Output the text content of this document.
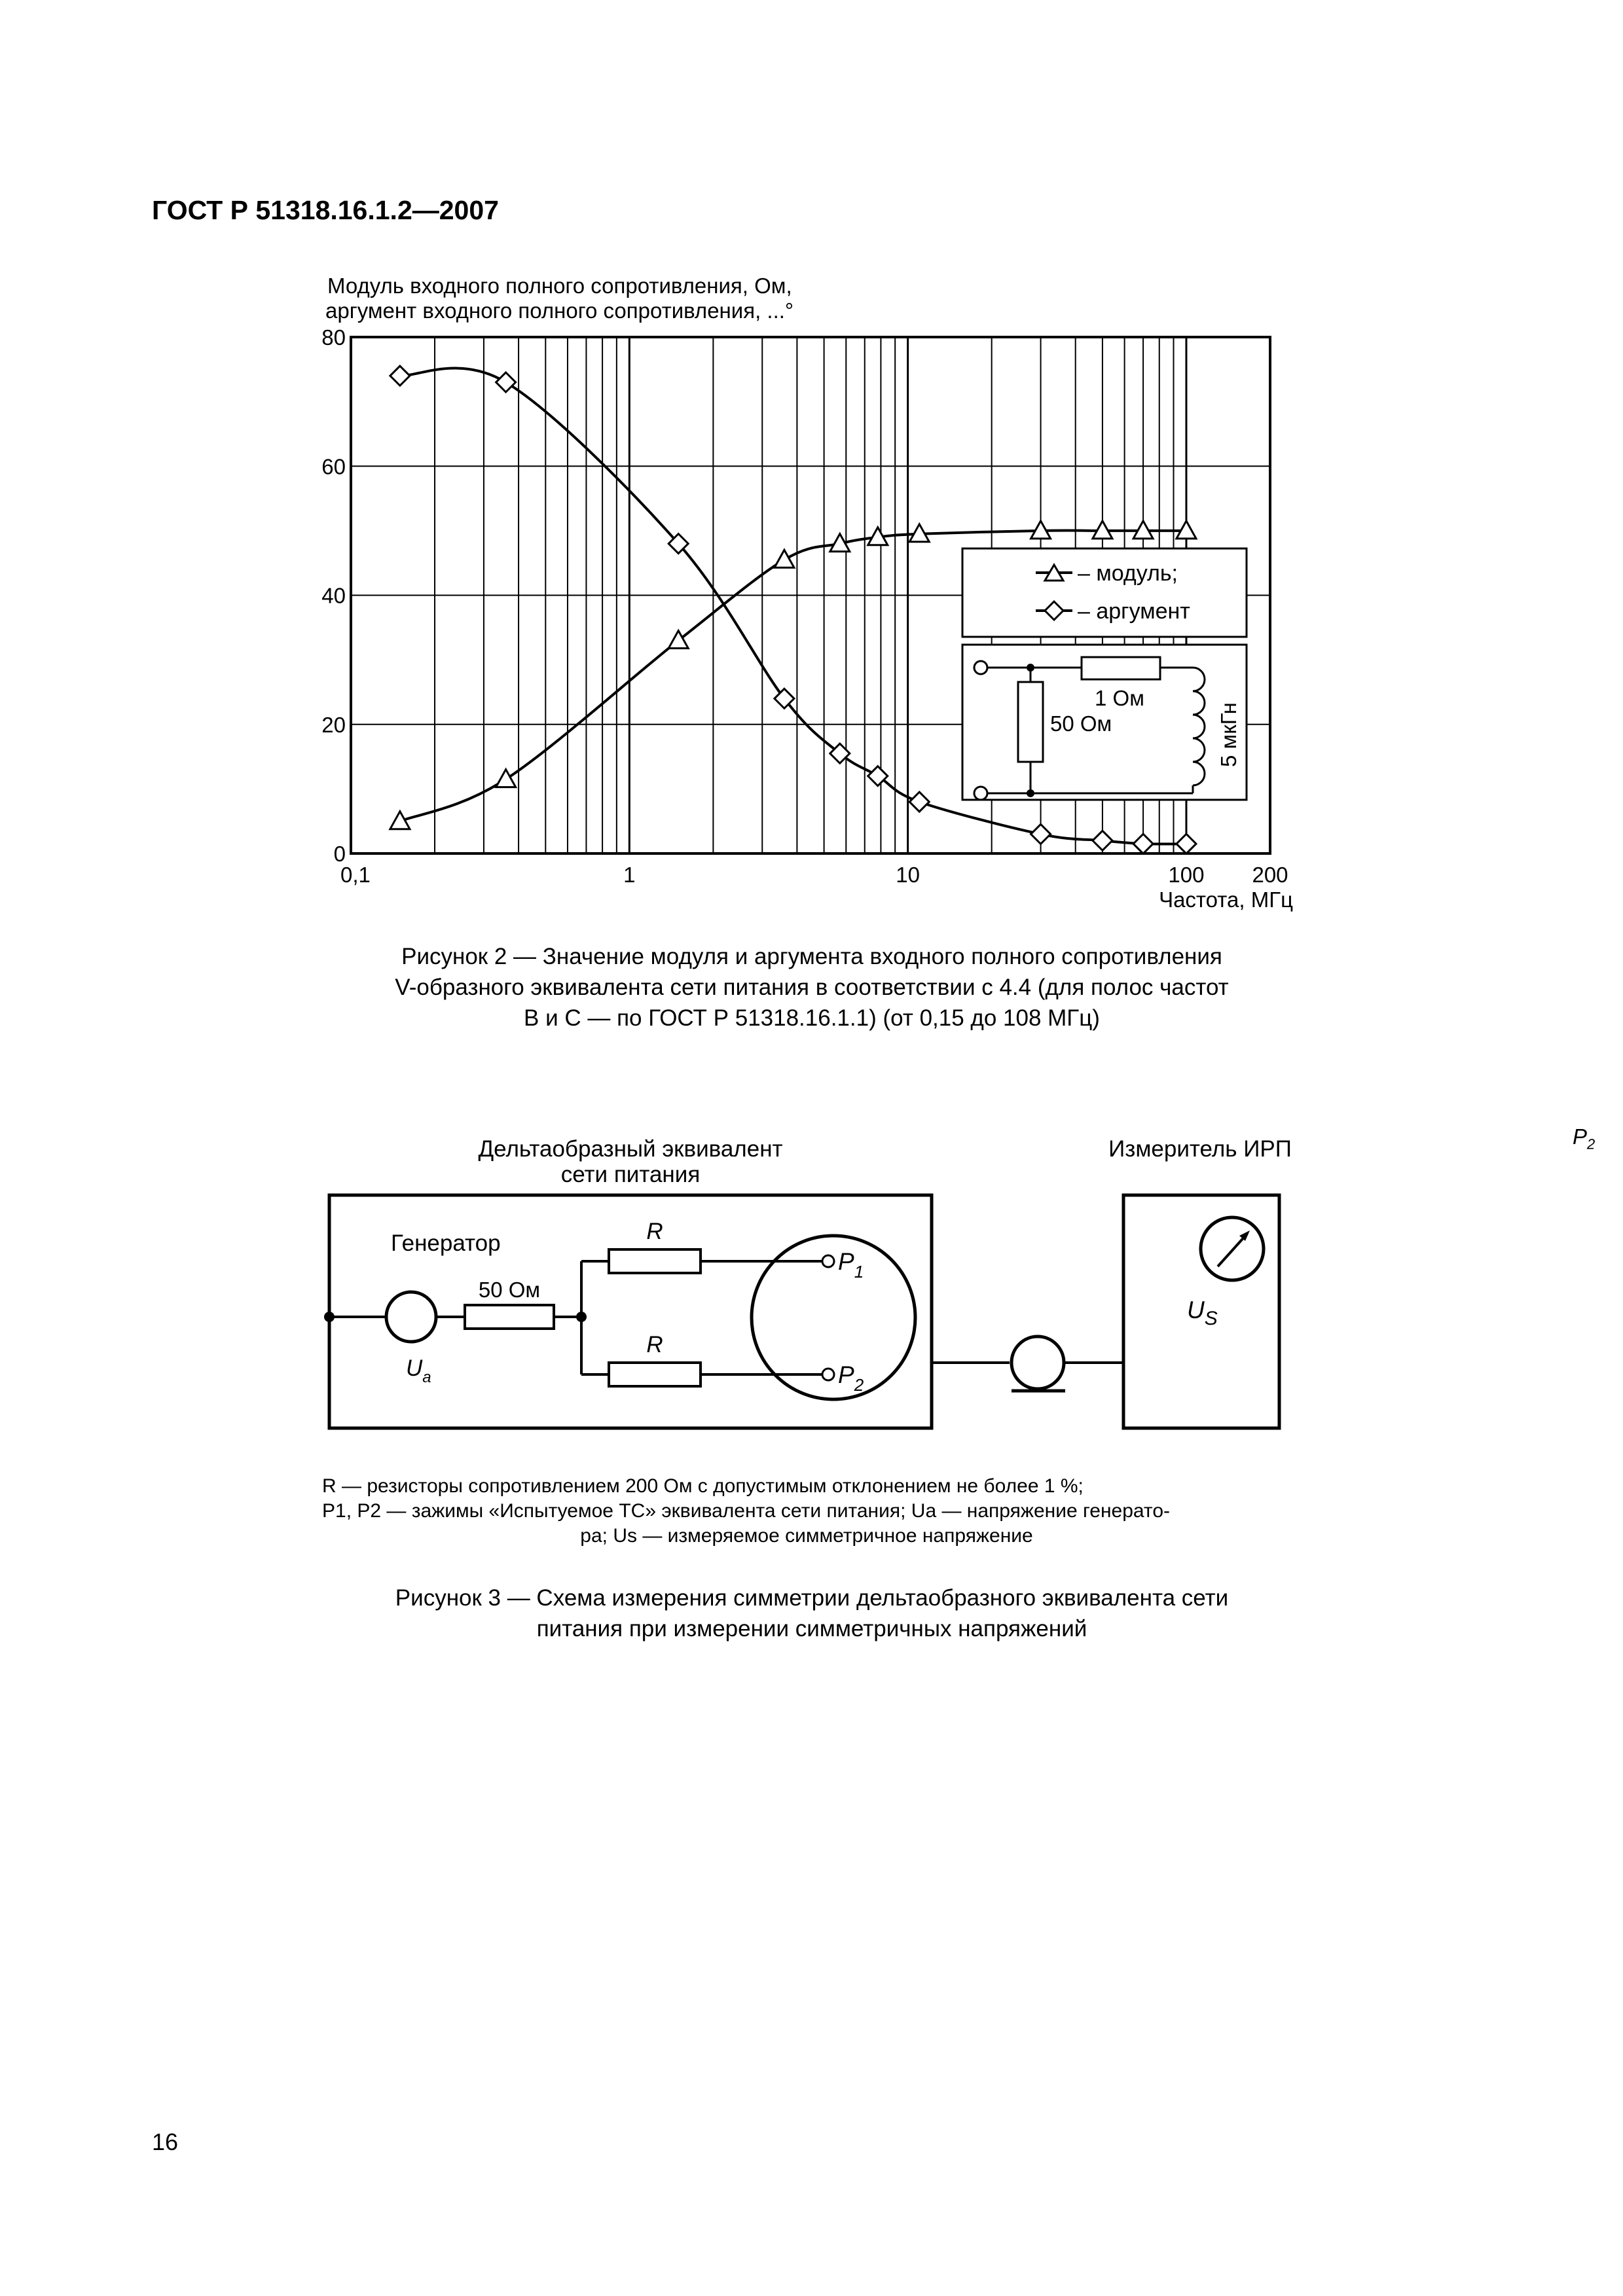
ГОСТ Р 51318.16.1.2—2007
Модуль входного полного сопротивления, Ом,
аргумент входного полного сопротивления, ...°
0
20
40
60
80
0,1	1	10	100 200
Частота, МГц
– модуль;
– аргумент
1 Ом
50 Ом	5 мкГн
Дельтаобразный эквивалент
сети питания
Измеритель ИРП
Генератор
50 Ом
$U_a$
R
R
$P_1$
$P_2$
$U_S$
Рисунок 2 — Значение модуля и аргумента входного полного сопротивления
V-образного эквивалента сети питания в соответствии с 4.4 (для полос частот
B и C — по ГОСТ Р 51318.16.1.1) (от 0,15 до 108 МГц)
R — резисторы сопротивлением 200 Ом с допустимым отклонением не более 1 %;
P1, P2 — зажимы «Испытуемое ТС» эквивалента сети питания; Ua — напряжение генерато-
ра; Us — измеряемое симметричное напряжение
Рисунок 3 — Схема измерения симметрии дельтаобразного эквивалента сети
питания при измерении симметричных напряжений
$P_2$
16
